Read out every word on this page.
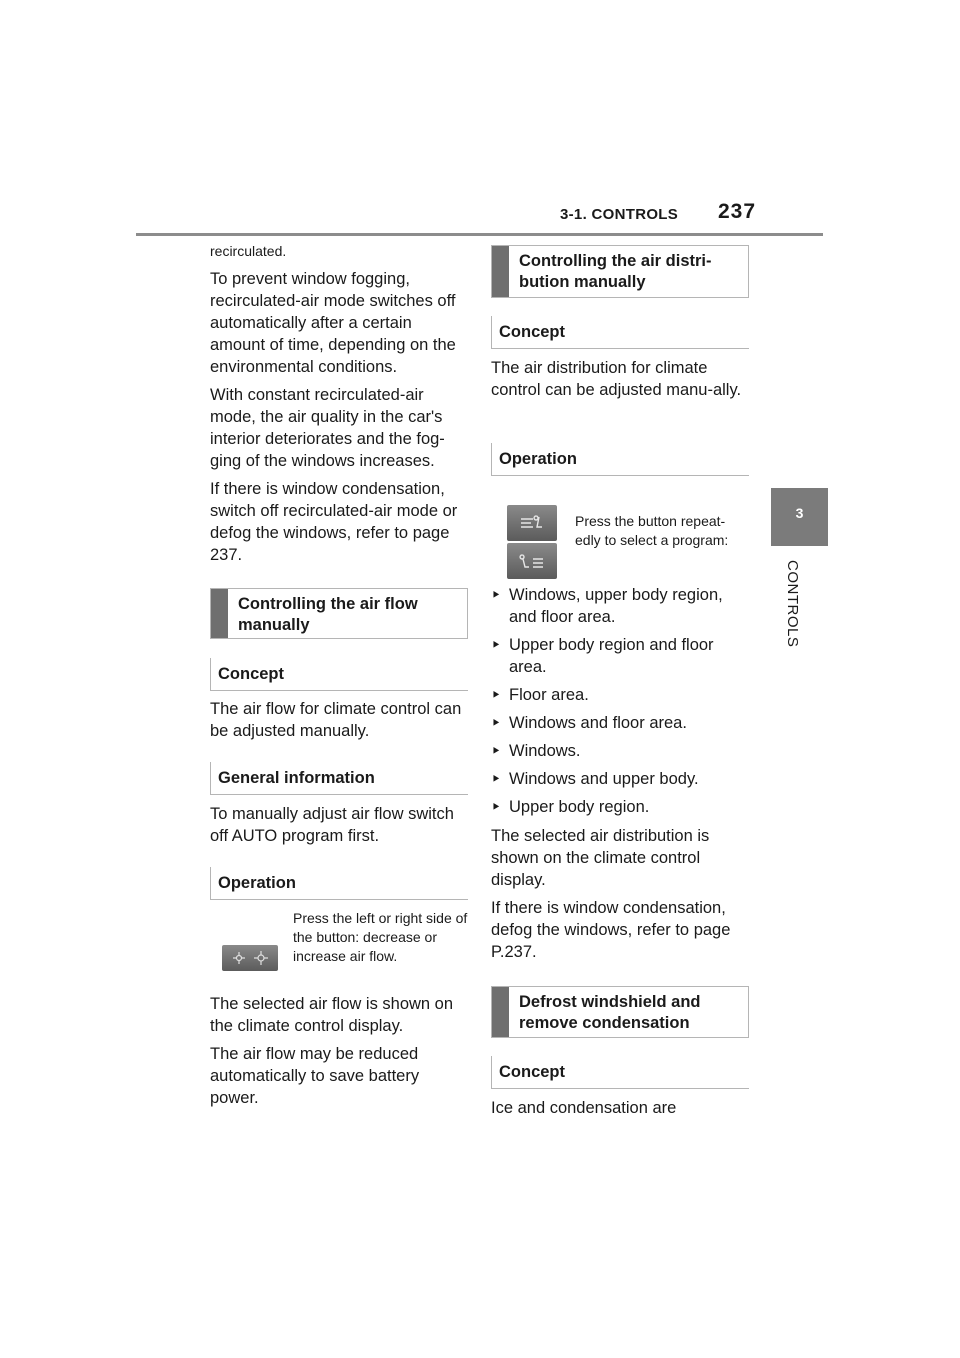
3-1. CONTROLS 237
3
CONTROLS
recirculated.

To prevent window fogging, recirculated-air mode switches off automatically after a certain amount of time, depending on the environmental conditions.

With constant recirculated-air mode, the air quality in the car's interior deteriorates and the fog-ging of the windows increases.

If there is window condensation, switch off recirculated-air mode or defog the windows, refer to page 237.

Controlling the air flow manually
Concept

The air flow for climate control can be adjusted manually.

General information

To manually adjust air flow switch off AUTO program first.

Operation
Press the left or right side of the button: decrease or increase air flow.

The selected air flow is shown on the climate control display.

The air flow may be reduced automatically to save battery power.

Controlling the air distri-bution manually
Concept

The air distribution for climate control can be adjusted manu-ally.

Operation
Press the button repeat-edly to select a program:
⯈ Windows, upper body region, and floor area.
⯈ Upper body region and floor area.
⯈ Floor area.
⯈ Windows and floor area.
⯈ Windows.
⯈ Windows and upper body.
⯈ Upper body region.

The selected air distribution is shown on the climate control display.

If there is window condensation, defog the windows, refer to page P.237.

Defrost windshield and remove condensation
Concept

Ice and condensation are
